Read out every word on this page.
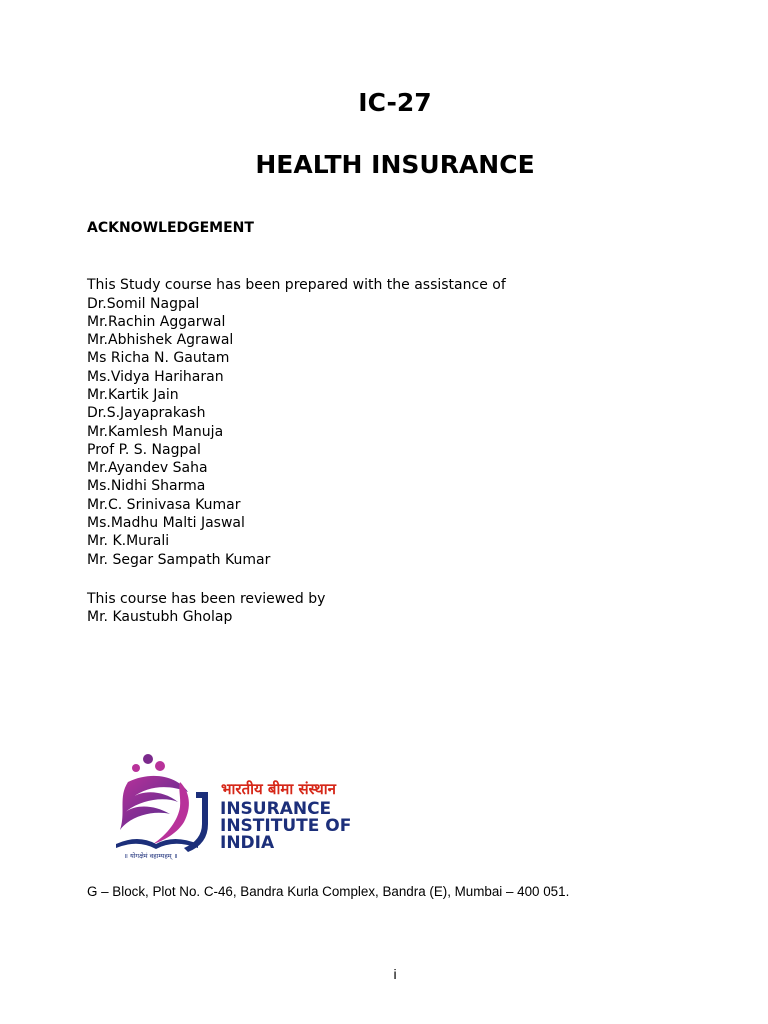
IC-27
HEALTH INSURANCE
ACKNOWLEDGEMENT
This Study course has been prepared with the assistance of
Dr.Somil Nagpal
Mr.Rachin Aggarwal
Mr.Abhishek Agrawal
Ms Richa N. Gautam
Ms.Vidya Hariharan
Mr.Kartik Jain
Dr.S.Jayaprakash
Mr.Kamlesh Manuja
Prof P. S. Nagpal
Mr.Ayandev Saha
Ms.Nidhi Sharma
Mr.C. Srinivasa Kumar
Ms.Madhu Malti Jaswal
Mr. K.Murali
Mr. Segar Sampath Kumar
This course has been reviewed by
Mr. Kaustubh Gholap
॥ योगक्षेमं वहाम्यहम् ॥
भारतीय बीमा संस्थान
INSURANCE
INSTITUTE OF
INDIA
G – Block, Plot No. C-46, Bandra Kurla Complex, Bandra (E), Mumbai – 400 051.
i
